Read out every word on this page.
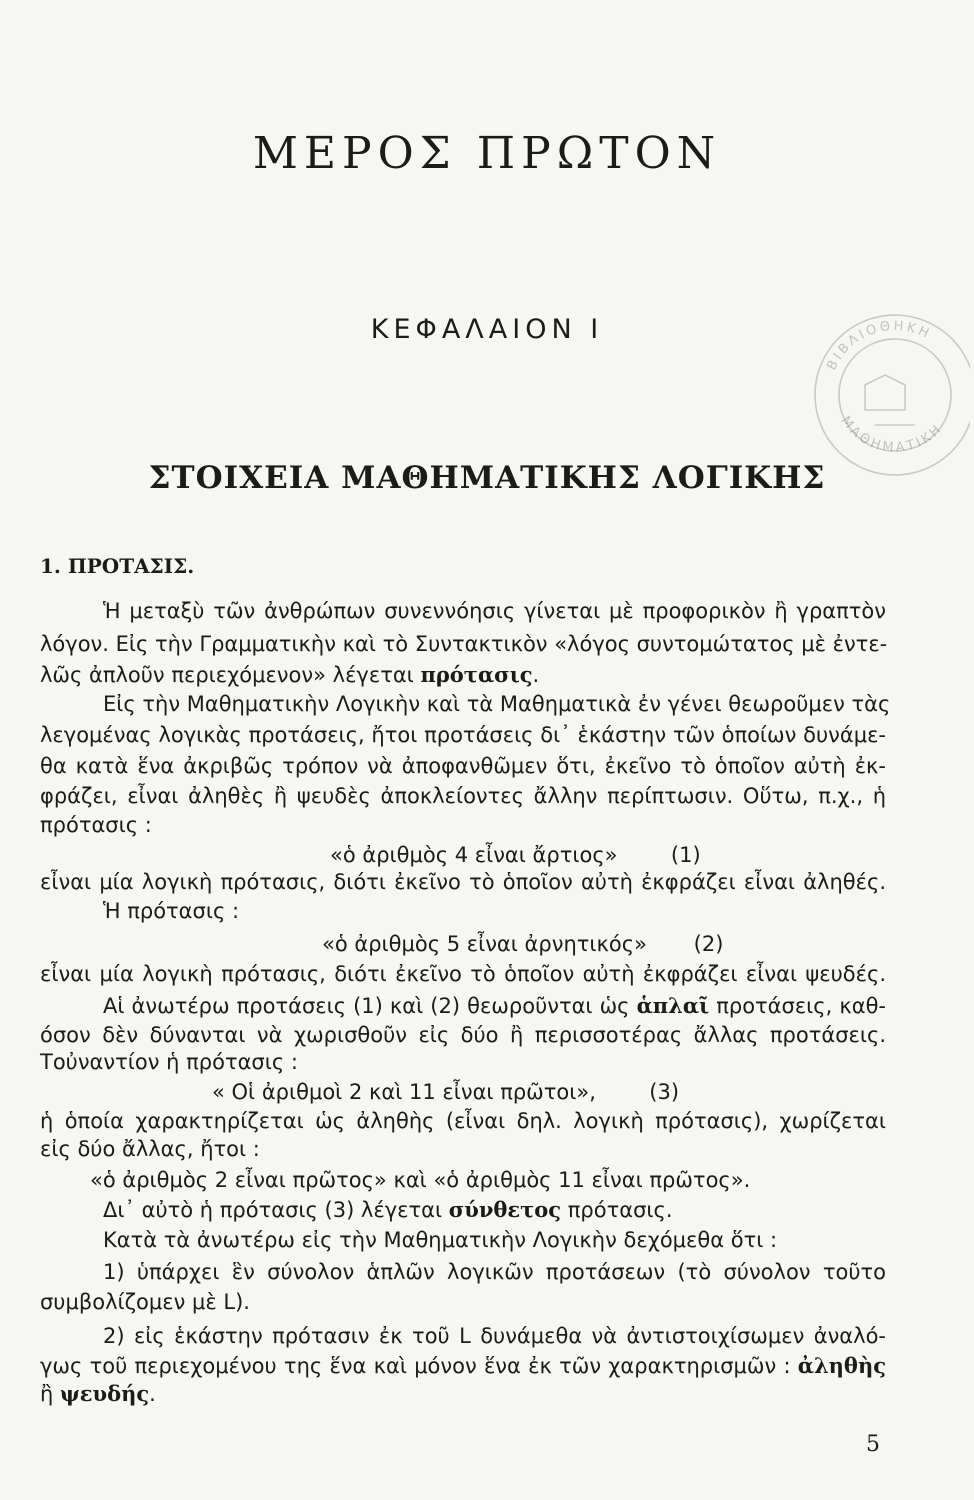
ΜΕΡΟΣ ΠΡΩΤΟΝ
ΚΕΦΑΛΑΙΟΝ Ι
ΣΤΟΙΧΕΙΑ ΜΑΘΗΜΑΤΙΚΗΣ ΛΟΓΙΚΗΣ
ΒΙΒΛΙΟΘΗΚΗ
ΜΑΘΗΜΑΤΙΚΗ
1. ΠΡΟΤΑΣΙΣ.
Ἡ μεταξὺ τῶν ἀνθρώπων συνεννόησις γίνεται μὲ προφορικὸν ἢ γραπτὸν
λόγον. Εἰς τὴν Γραμματικὴν καὶ τὸ Συντακτικὸν «λόγος συντομώτατος μὲ ἐντε-
λῶς ἀπλοῦν περιεχόμενον» λέγεται πρότασις.
Εἰς τὴν Μαθηματικὴν Λογικὴν καὶ τὰ Μαθηματικὰ ἐν γένει θεωροῦμεν τὰς
λεγομένας λογικὰς προτάσεις, ἤτοι προτάσεις δι᾽ ἑκάστην τῶν ὁποίων δυνάμε-
θα κατὰ ἕνα ἀκριβῶς τρόπον νὰ ἀποφανθῶμεν ὅτι, ἐκεῖνο τὸ ὁποῖον αὐτὴ ἐκ-
φράζει, εἶναι ἀληθὲς ἢ ψευδὲς ἀποκλείοντες ἄλλην περίπτωσιν. Οὕτω, π.χ., ἡ
πρότασις :
«ὁ ἀριθμὸς 4 εἶναι ἄρτιος»        (1)
εἶναι μία λογικὴ πρότασις, διότι ἐκεῖνο τὸ ὁποῖον αὐτὴ ἐκφράζει εἶναι ἀληθές.
Ἡ πρότασις :
«ὁ ἀριθμὸς 5 εἶναι ἀρνητικός»       (2)
εἶναι μία λογικὴ πρότασις, διότι ἐκεῖνο τὸ ὁποῖον αὐτὴ ἐκφράζει εἶναι ψευδές.
Αἱ ἀνωτέρω προτάσεις (1) καὶ (2) θεωροῦνται ὡς ἁπλαῖ προτάσεις, καθ-
όσον δὲν δύνανται νὰ χωρισθοῦν εἰς δύο ἢ περισσοτέρας ἄλλας προτάσεις.
Τοὐναντίον ἡ πρότασις :
« Οἱ ἀριθμοὶ 2 καὶ 11 εἶναι πρῶτοι»,        (3)
ἡ ὁποία χαρακτηρίζεται ὡς ἀληθὴς (εἶναι δηλ. λογικὴ πρότασις), χωρίζεται
εἰς δύο ἄλλας, ἤτοι :
«ὁ ἀριθμὸς 2 εἶναι πρῶτος» καὶ «ὁ ἀριθμὸς 11 εἶναι πρῶτος».
Δι᾽ αὐτὸ ἡ πρότασις (3) λέγεται σύνθετος πρότασις.
Κατὰ τὰ ἀνωτέρω εἰς τὴν Μαθηματικὴν Λογικὴν δεχόμεθα ὅτι :
1) ὑπάρχει ἓν σύνολον ἁπλῶν λογικῶν προτάσεων (τὸ σύνολον τοῦτο
συμβολίζομεν μὲ L).
2) εἰς ἑκάστην πρότασιν ἐκ τοῦ L δυνάμεθα νὰ ἀντιστοιχίσωμεν ἀναλό-
γως τοῦ περιεχομένου της ἕνα καὶ μόνον ἕνα ἐκ τῶν χαρακτηρισμῶν : ἀληθὴς
ἢ ψευδής.
5
